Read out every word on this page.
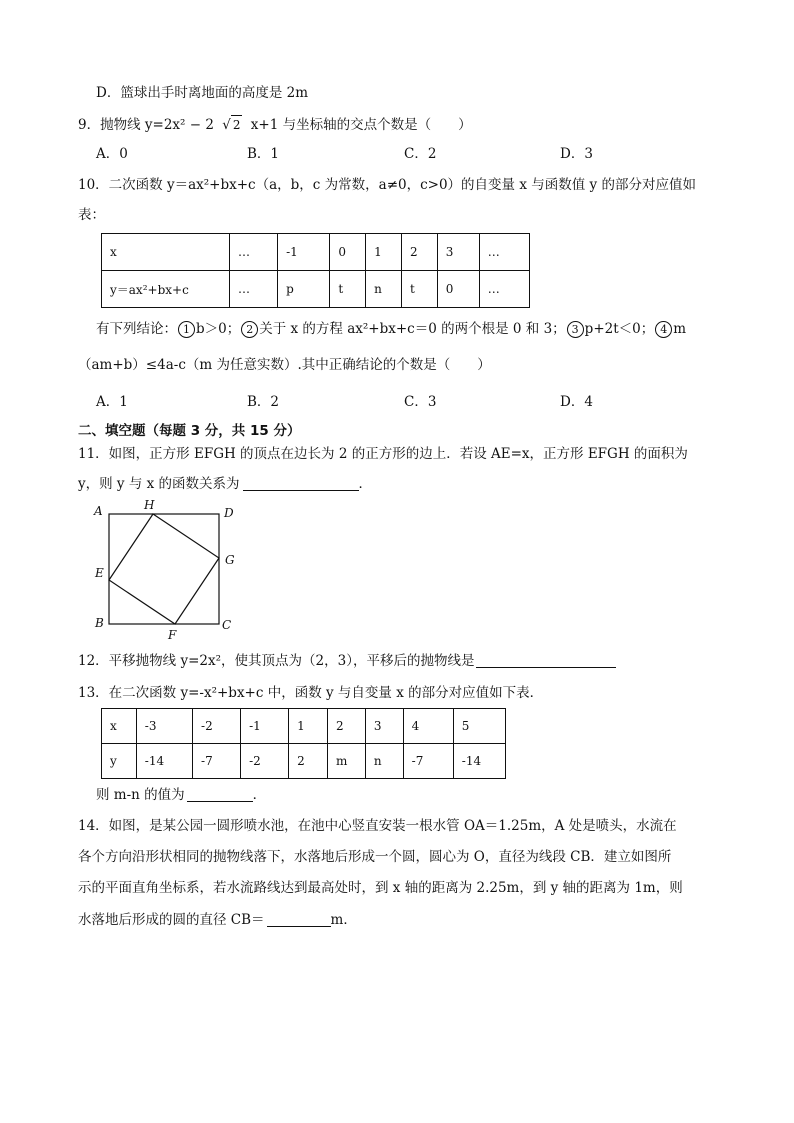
D．篮球出手时离地面的高度是 2m
9．抛物线 y=2x² − 2 √ 2 x+1 与坐标轴的交点个数是（　　）
A．0	B．1	C．2	D．3
10．二次函数 y＝ax²+bx+c（a，b，c 为常数，a≠0，c>0）的自变量 x 与函数值 y 的部分对应值如
表：
x	…	-1	0	1	2	3	…
y＝ax²+bx+c	…	p	t	n	t	0	…
有下列结论： 1 b＞0； 2 关于 x 的方程 ax²+bx+c＝0 的两个根是 0 和 3； 3 p+2t＜0； 4 m
（am+b）≤4a-c（m 为任意实数）.其中正确结论的个数是（　　）
A．1	B．2	C．3	D．4
二、填空题（每题 3 分，共 15 分）
11．如图，正方形 EFGH 的顶点在边长为 2 的正方形的边上．若设 AE=x，正方形 EFGH 的面积为
y，则 y 与 x 的函数关系为	．
A	H
D
E
G
B
F
C
12．平移抛物线 y=2x²，使其顶点为（2，3），平移后的抛物线是
13．在二次函数 y=-x²+bx+c 中，函数 y 与自变量 x 的部分对应值如下表．
x	-3	-2	-1	1	2	3	4	5
y	-14	-7	-2	2	m	n	-7	-14
则 m-n 的值为	．
14．如图，是某公园一圆形喷水池，在池中心竖直安装一根水管 OA＝1.25m，A 处是喷头，水流在
各个方向沿形状相同的抛物线落下，水落地后形成一个圆，圆心为 O，直径为线段 CB．建立如图所
示的平面直角坐标系，若水流路线达到最高处时，到 x 轴的距离为 2.25m，到 y 轴的距离为 1m，则
水落地后形成的圆的直径 CB＝	m．
